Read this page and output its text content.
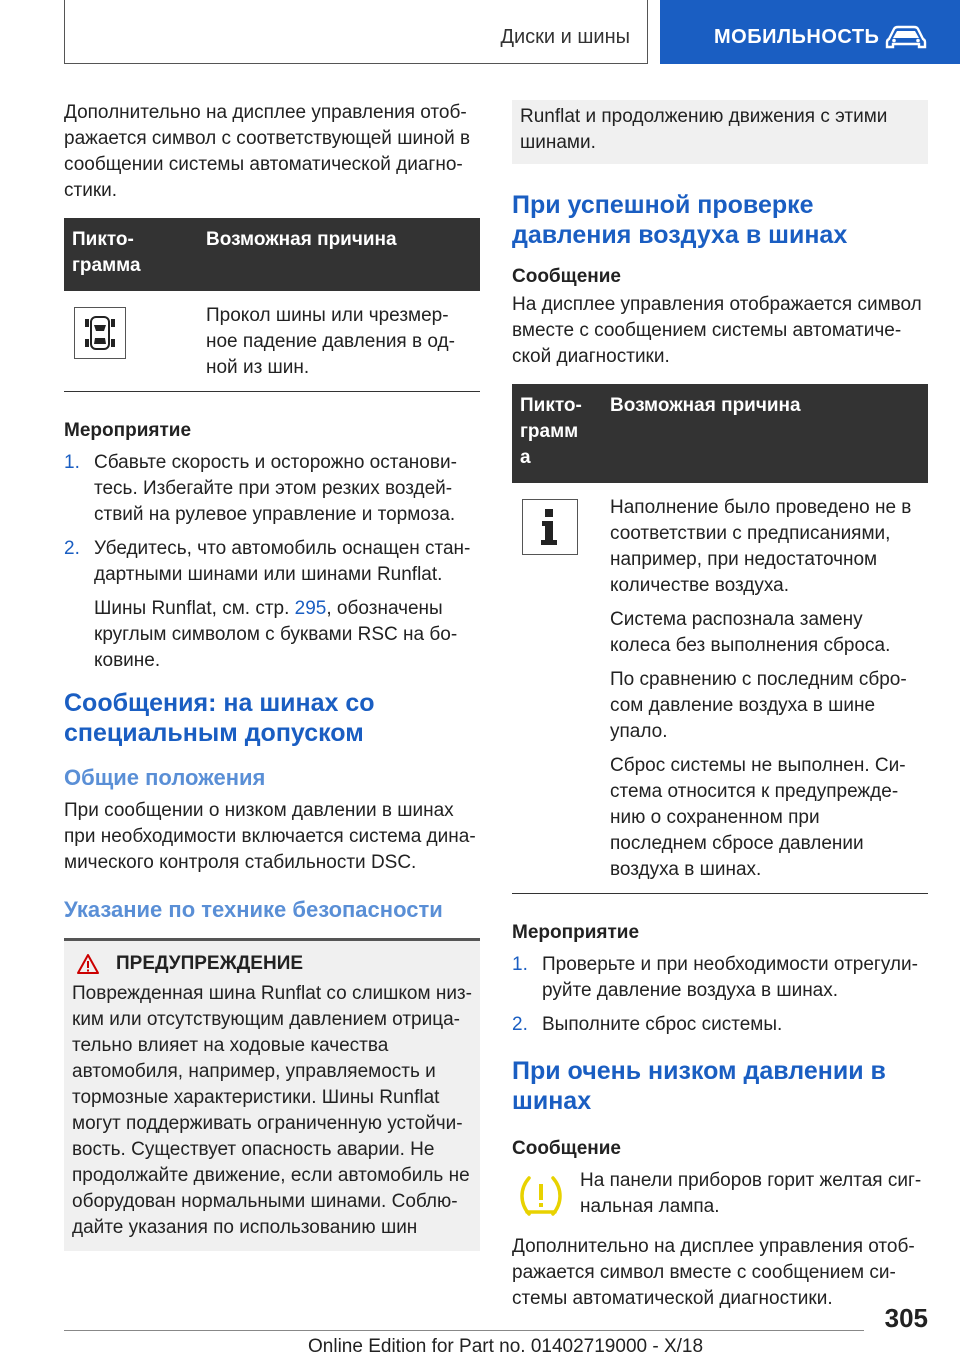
Диски и шины	МОБИЛЬНОСТЬ

Дополнительно на дисплее управления отображается символ с соответствующей шиной в сообщении системы автоматической диагностики.

Пиктограмма	Возможная причина

	Прокол шины или чрезмерное падение давления в одной из шин.
Мероприятие
1. Сбавьте скорость и осторожно остановитесь. Избегайте при этом резких воздействий на рулевое управление и тормоза.
2. Убедитесь, что автомобиль оснащен стандартными шинами или шинами Runflat.
Шины Runflat, см. стр. 295, обозначены круглым символом с буквами RSC на боковине.
Сообщения: на шинах со специальным допуском
Общие положения

При сообщении о низком давлении в шинах при необходимости включается система динамического контроля стабильности DSC.

Указание по технике безопасности
ПРЕДУПРЕЖДЕНИЕ

Поврежденная шина Runflat со слишком низким или отсутствующим давлением отрицательно влияет на ходовые качества автомобиля, например, управляемость и тормозные характеристики. Шины Runflat могут поддерживать ограниченную устойчивость. Существует опасность аварии. Не продолжайте движение, если автомобиль не оборудован нормальными шинами. Соблюдайте указания по использованию шин

Runflat и продолжению движения с этими шинами.

При успешной проверке давления воздуха в шинах
Сообщение

На дисплее управления отображается символ вместе с сообщением системы автоматической диагностики.

Пиктограмм а	Возможная причина

Наполнение было проведено не в соответствии с предписаниями, например, при недостаточном количестве воздуха.

Система распознала замену колеса без выполнения сброса.

По сравнению с последним сбросом давление воздуха в шине упало.

Сброс системы не выполнен. Система относится к предупреждению о сохраненном при последнем сбросе давлении воздуха в шинах.

Мероприятие
1. Проверьте и при необходимости отрегулируйте давление воздуха в шинах.
2. Выполните сброс системы.
При очень низком давлении в шинах
Сообщение

На панели приборов горит желтая сигнальная лампа.

Дополнительно на дисплее управления отображается символ вместе с сообщением системы автоматической диагностики.

305
Online Edition for Part no. 01402719000 - X/18
